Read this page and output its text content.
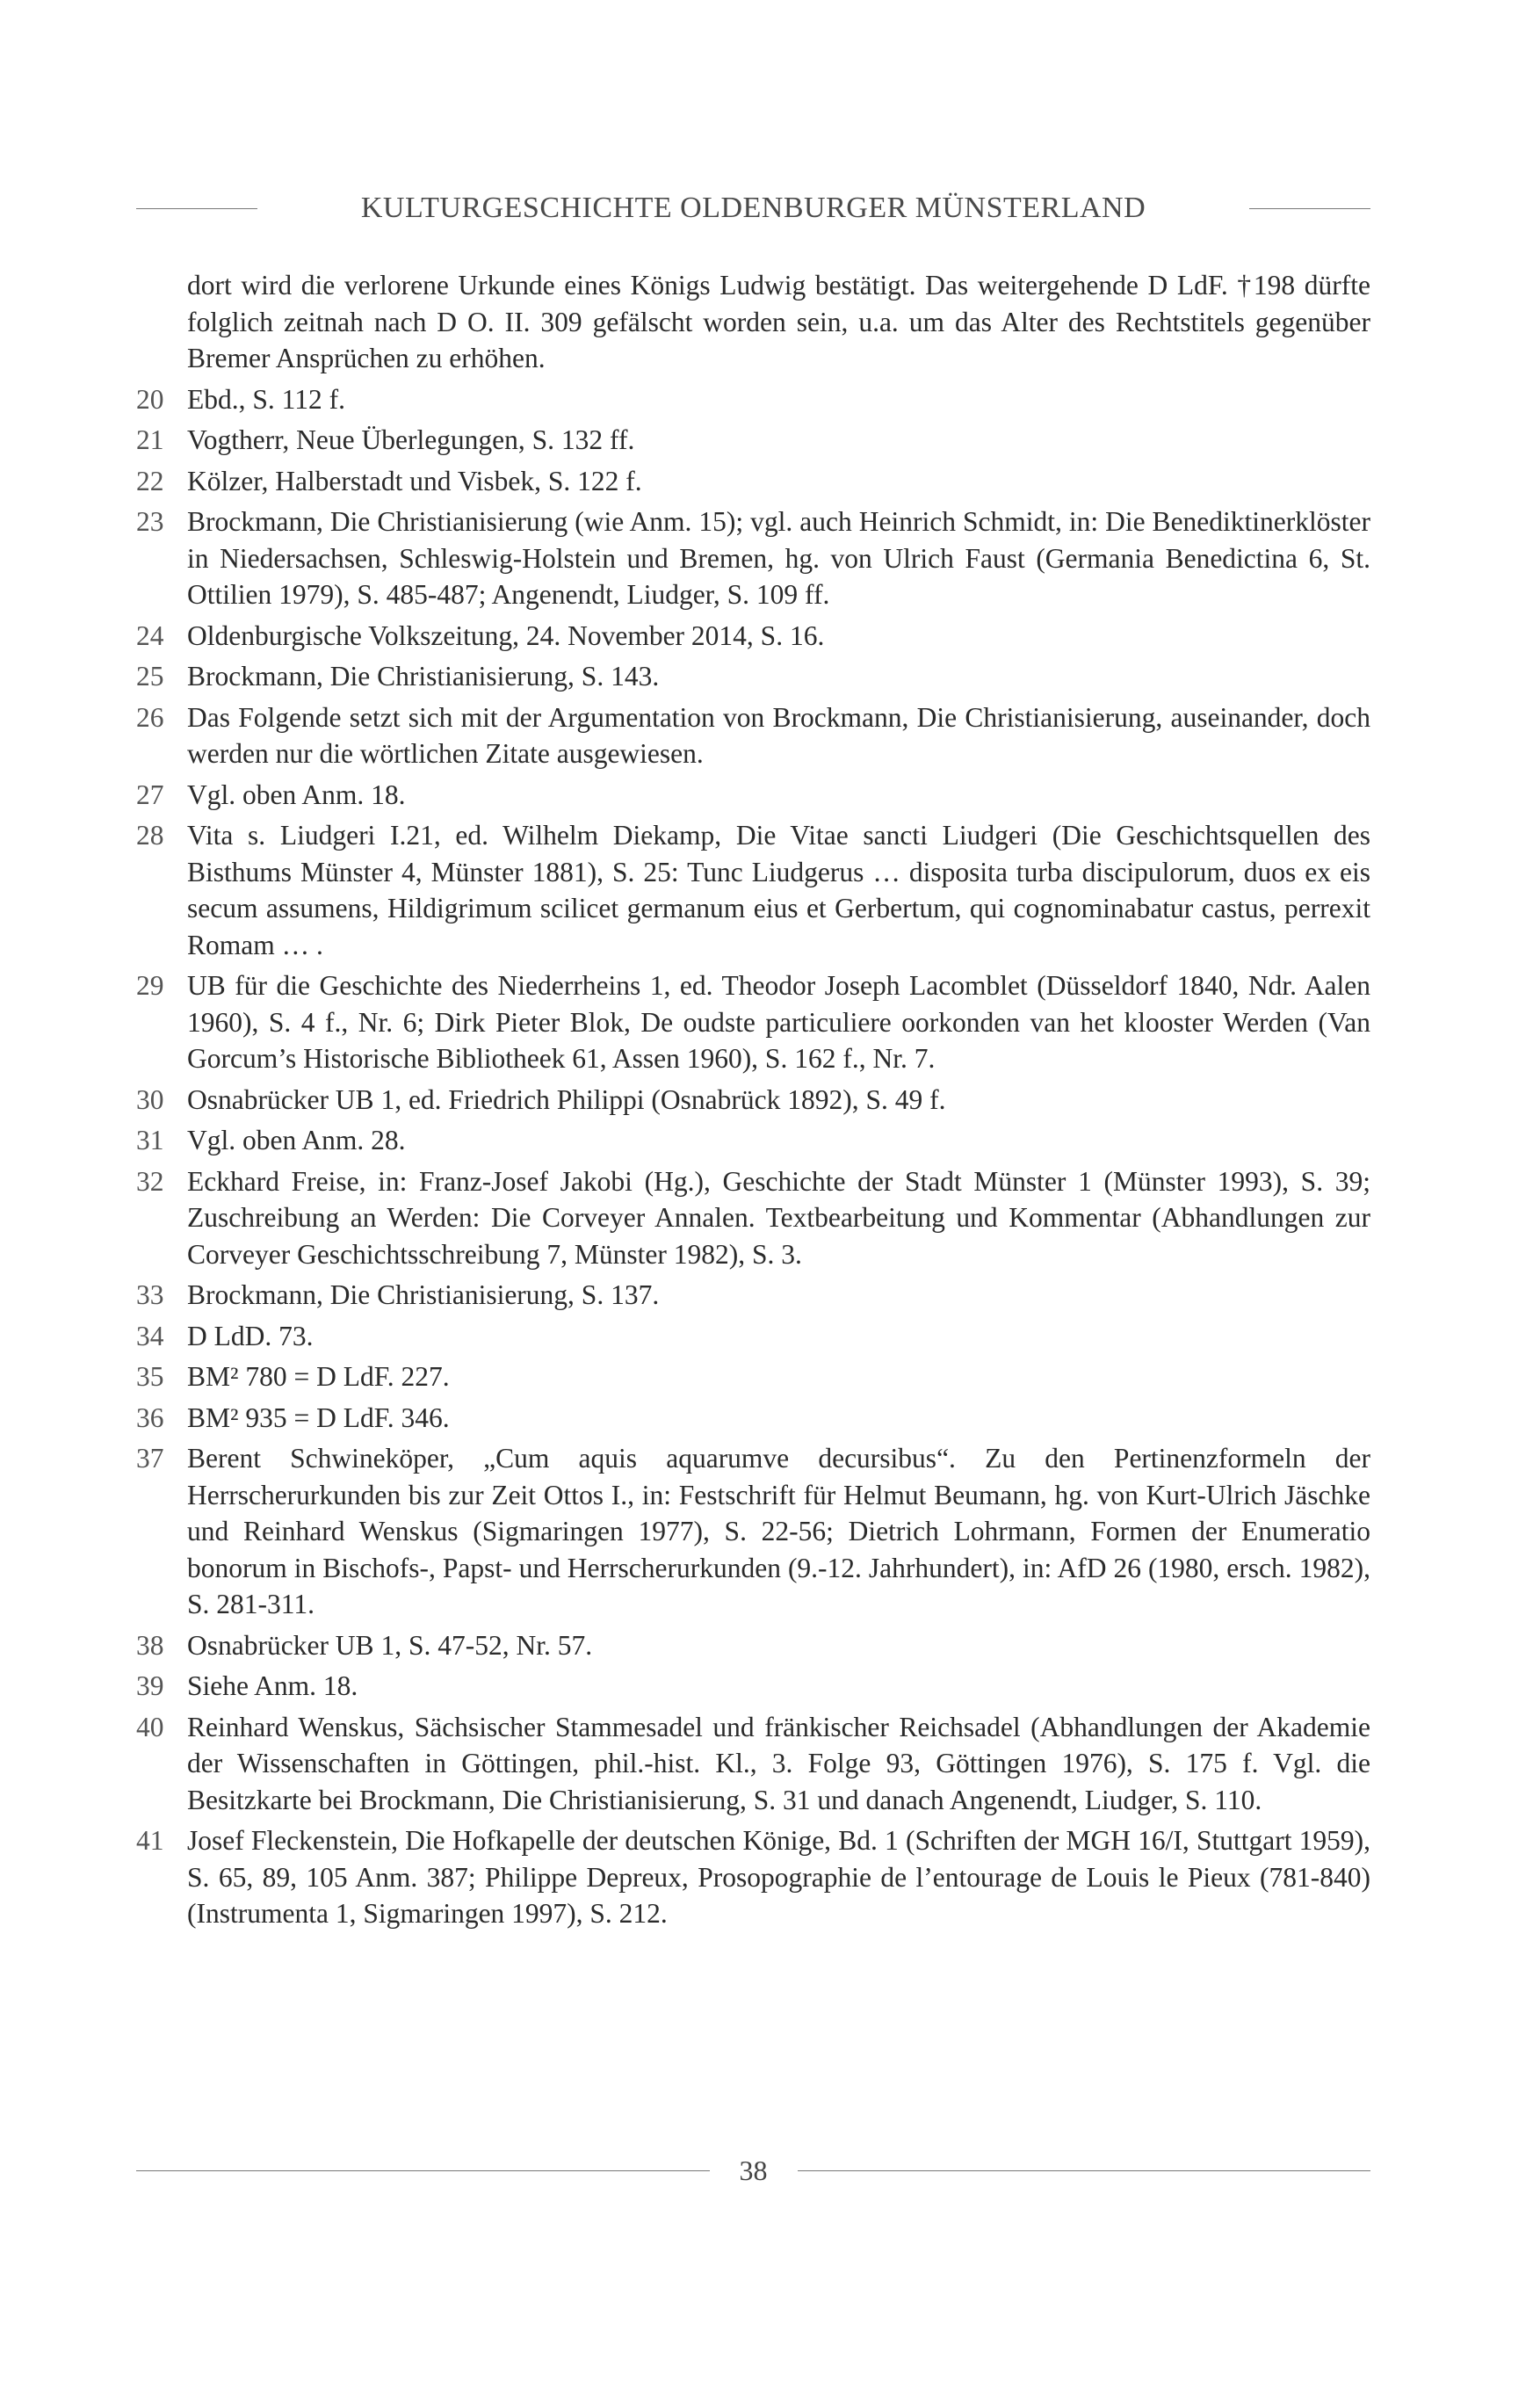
KULTURGESCHICHTE OLDENBURGER MÜNSTERLAND
dort wird die verlorene Urkunde eines Königs Ludwig bestätigt. Das weitergehende D LdF. †198 dürfte folglich zeitnah nach D O. II. 309 gefälscht worden sein, u.a. um das Alter des Rechtstitels gegenüber Bremer Ansprüchen zu erhöhen.
20 Ebd., S. 112 f.
21 Vogtherr, Neue Überlegungen, S. 132 ff.
22 Kölzer, Halberstadt und Visbek, S. 122 f.
23 Brockmann, Die Christianisierung (wie Anm. 15); vgl. auch Heinrich Schmidt, in: Die Benediktinerklöster in Niedersachsen, Schleswig-Holstein und Bremen, hg. von Ulrich Faust (Germania Benedictina 6, St. Ottilien 1979), S. 485-487; Angenendt, Liudger, S. 109 ff.
24 Oldenburgische Volkszeitung, 24. November 2014, S. 16.
25 Brockmann, Die Christianisierung, S. 143.
26 Das Folgende setzt sich mit der Argumentation von Brockmann, Die Christianisierung, auseinander, doch werden nur die wörtlichen Zitate ausgewiesen.
27 Vgl. oben Anm. 18.
28 Vita s. Liudgeri I.21, ed. Wilhelm Diekamp, Die Vitae sancti Liudgeri (Die Geschichtsquellen des Bisthums Münster 4, Münster 1881), S. 25: Tunc Liudgerus … disposita turba discipulorum, duos ex eis secum assumens, Hildigrimum scilicet germanum eius et Gerbertum, qui cognominabatur castus, perrexit Romam … .
29 UB für die Geschichte des Niederrheins 1, ed. Theodor Joseph Lacomblet (Düsseldorf 1840, Ndr. Aalen 1960), S. 4 f., Nr. 6; Dirk Pieter Blok, De oudste particuliere oorkonden van het klooster Werden (Van Gorcum’s Historische Bibliotheek 61, Assen 1960), S. 162 f., Nr. 7.
30 Osnabrücker UB 1, ed. Friedrich Philippi (Osnabrück 1892), S. 49 f.
31 Vgl. oben Anm. 28.
32 Eckhard Freise, in: Franz-Josef Jakobi (Hg.), Geschichte der Stadt Münster 1 (Münster 1993), S. 39; Zuschreibung an Werden: Die Corveyer Annalen. Textbearbeitung und Kommentar (Abhandlungen zur Corveyer Geschichtsschreibung 7, Münster 1982), S. 3.
33 Brockmann, Die Christianisierung, S. 137.
34 D LdD. 73.
35 BM² 780 = D LdF. 227.
36 BM² 935 = D LdF. 346.
37 Berent Schwineköper, „Cum aquis aquarumve decursibus“. Zu den Pertinenzformeln der Herrscherurkunden bis zur Zeit Ottos I., in: Festschrift für Helmut Beumann, hg. von Kurt-Ulrich Jäschke und Reinhard Wenskus (Sigmaringen 1977), S. 22-56; Dietrich Lohrmann, Formen der Enumeratio bonorum in Bischofs-, Papst- und Herrscherurkunden (9.-12. Jahrhundert), in: AfD 26 (1980, ersch. 1982), S. 281-311.
38 Osnabrücker UB 1, S. 47-52, Nr. 57.
39 Siehe Anm. 18.
40 Reinhard Wenskus, Sächsischer Stammesadel und fränkischer Reichsadel (Abhandlungen der Akademie der Wissenschaften in Göttingen, phil.-hist. Kl., 3. Folge 93, Göttingen 1976), S. 175 f. Vgl. die Besitzkarte bei Brockmann, Die Christianisierung, S. 31 und danach Angenendt, Liudger, S. 110.
41 Josef Fleckenstein, Die Hofkapelle der deutschen Könige, Bd. 1 (Schriften der MGH 16/I, Stuttgart 1959), S. 65, 89, 105 Anm. 387; Philippe Depreux, Prosopographie de l’entourage de Louis le Pieux (781-840) (Instrumenta 1, Sigmaringen 1997), S. 212.
38
